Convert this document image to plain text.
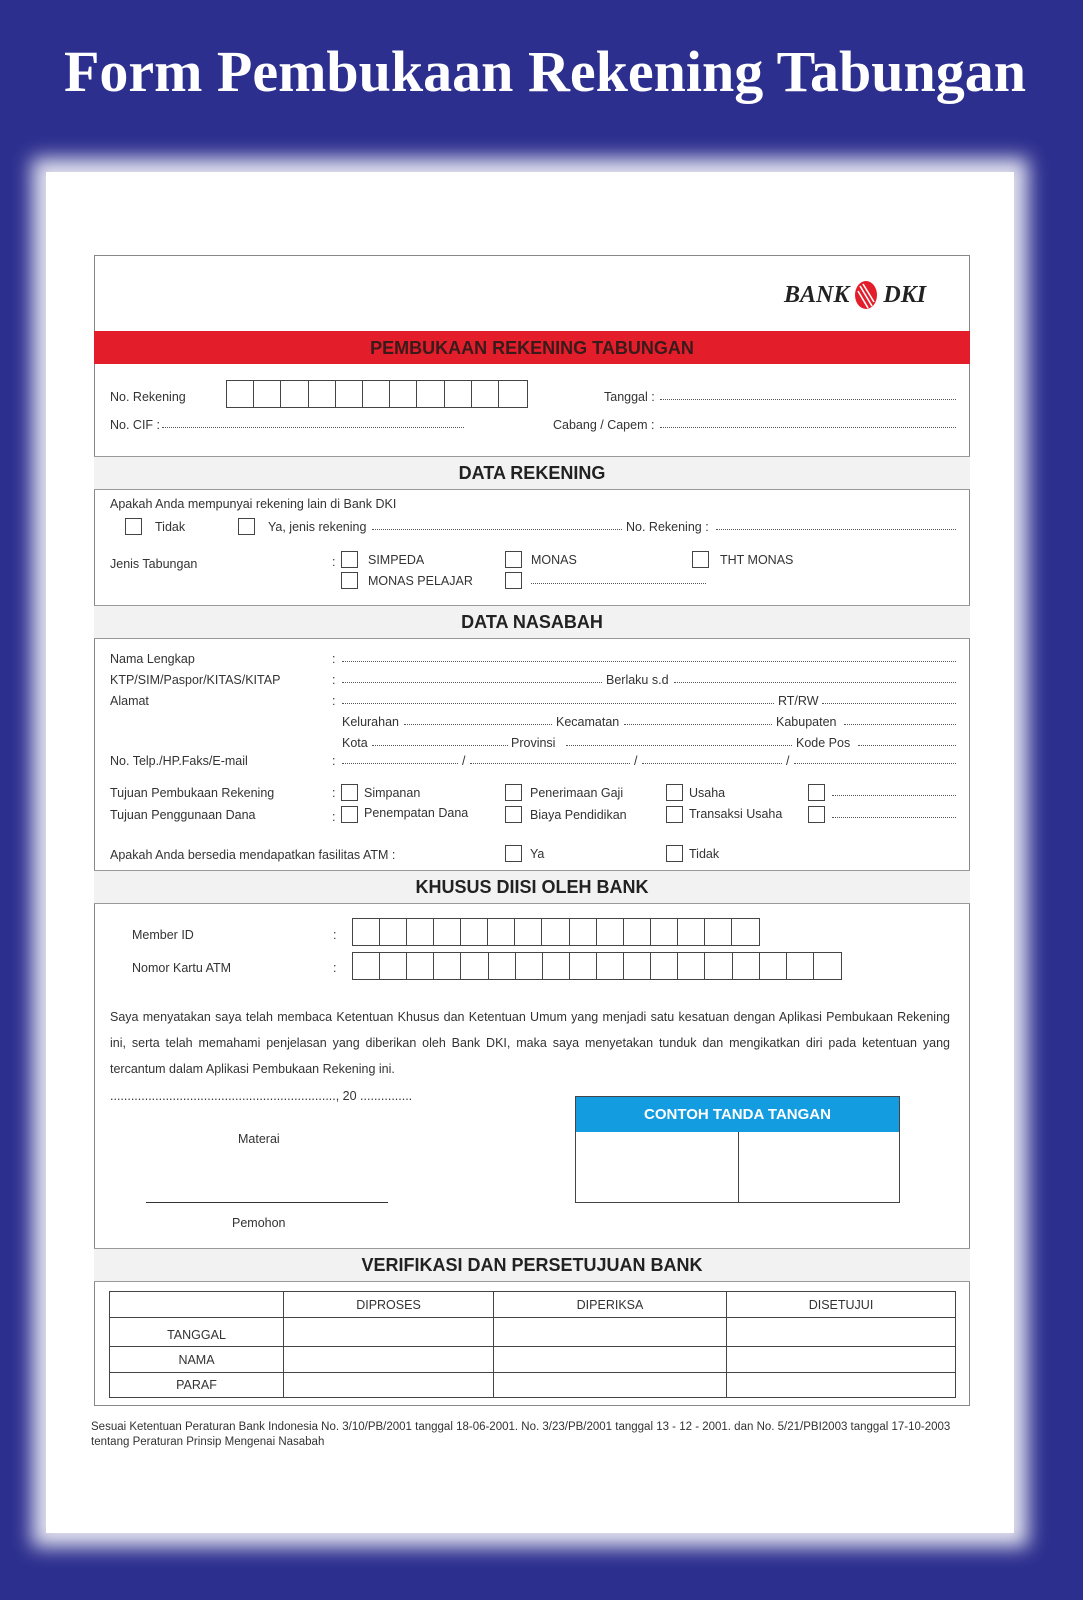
Form Pembukaan Rekening Tabungan
BANK DKI
PEMBUKAAN REKENING TABUNGAN
No. Rekening	Tanggal :
No. CIF :	Cabang / Capem :
DATA REKENING
Apakah Anda mempunyai rekening lain di Bank DKI
Tidak	Ya, jenis rekening	No. Rekening :
Jenis Tabungan	:	SIMPEDA	MONAS	THT MONAS
MONAS PELAJAR
DATA NASABAH
Nama Lengkap	:
KTP/SIM/Paspor/KITAS/KITAP	:	Berlaku s.d
Alamat	:	RT/RW
Kelurahan	Kecamatan	Kabupaten
Kota	Provinsi	Kode Pos
No. Telp./HP.Faks/E-mail	:	/	/	/
Tujuan Pembukaan Rekening	: Simpanan	Penerimaan Gaji	Usaha
Tujuan Penggunaan Dana	: Penempatan Dana	Biaya Pendidikan	Transaksi Usaha
Apakah Anda bersedia mendapatkan fasilitas ATM :	Ya	Tidak
KHUSUS DIISI OLEH BANK
Member ID	:
Nomor Kartu ATM	:
Saya menyatakan saya telah membaca Ketentuan Khusus dan Ketentuan Umum yang menjadi satu kesatuan dengan Aplikasi Pembukaan Rekening ini, serta telah memahami penjelasan yang diberikan oleh Bank DKI, maka saya menyetakan tunduk dan mengikatkan diri pada ketentuan yang tercantum dalam Aplikasi Pembukaan Rekening ini.
................................................................., 20 ...............
Materai
Pemohon
CONTOH TANDA TANGAN
VERIFIKASI DAN PERSETUJUAN BANK
	DIPROSES	DIPERIKSA	DISETUJUI
TANGGAL			
NAMA			
PARAF			
Sesuai Ketentuan Peraturan Bank Indonesia No. 3/10/PB/2001 tanggal 18-06-2001. No. 3/23/PB/2001 tanggal 13 - 12 - 2001. dan No. 5/21/PBI2003 tanggal 17-10-2003 tentang Peraturan Prinsip Mengenai Nasabah
